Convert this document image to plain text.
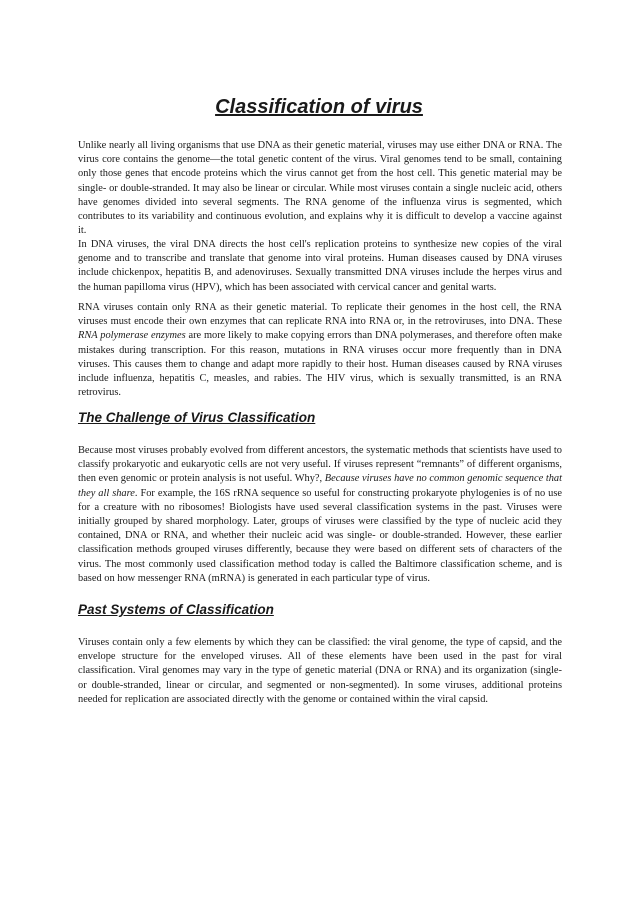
Classification of virus

Unlike nearly all living organisms that use DNA as their genetic material, viruses may use either DNA or RNA. The virus core contains the genome—the total genetic content of the virus. Viral genomes tend to be small, containing only those genes that encode proteins which the virus cannot get from the host cell. This genetic material may be single- or double-stranded. It may also be linear or circular. While most viruses contain a single nucleic acid, others have genomes divided into several segments. The RNA genome of the influenza virus is segmented, which contributes to its variability and continuous evolution, and explains why it is difficult to develop a vaccine against it.

In DNA viruses, the viral DNA directs the host cell's replication proteins to synthesize new copies of the viral genome and to transcribe and translate that genome into viral proteins. Human diseases caused by DNA viruses include chickenpox, hepatitis B, and adenoviruses. Sexually transmitted DNA viruses include the herpes virus and the human papilloma virus (HPV), which has been associated with cervical cancer and genital warts.

RNA viruses contain only RNA as their genetic material. To replicate their genomes in the host cell, the RNA viruses must encode their own enzymes that can replicate RNA into RNA or, in the retroviruses, into DNA. These RNA polymerase enzymes are more likely to make copying errors than DNA polymerases, and therefore often make mistakes during transcription. For this reason, mutations in RNA viruses occur more frequently than in DNA viruses. This causes them to change and adapt more rapidly to their host. Human diseases caused by RNA viruses include influenza, hepatitis C, measles, and rabies. The HIV virus, which is sexually transmitted, is an RNA retrovirus.

The Challenge of Virus Classification

Because most viruses probably evolved from different ancestors, the systematic methods that scientists have used to classify prokaryotic and eukaryotic cells are not very useful. If viruses represent “remnants” of different organisms, then even genomic or protein analysis is not useful. Why?, Because viruses have no common genomic sequence that they all share. For example, the 16S rRNA sequence so useful for constructing prokaryote phylogenies is of no use for a creature with no ribosomes! Biologists have used several classification systems in the past. Viruses were initially grouped by shared morphology. Later, groups of viruses were classified by the type of nucleic acid they contained, DNA or RNA, and whether their nucleic acid was single- or double-stranded. However, these earlier classification methods grouped viruses differently, because they were based on different sets of characters of the virus. The most commonly used classification method today is called the Baltimore classification scheme, and is based on how messenger RNA (mRNA) is generated in each particular type of virus.

Past Systems of Classification

Viruses contain only a few elements by which they can be classified: the viral genome, the type of capsid, and the envelope structure for the enveloped viruses. All of these elements have been used in the past for viral classification. Viral genomes may vary in the type of genetic material (DNA or RNA) and its organization (single- or double-stranded, linear or circular, and segmented or non-segmented). In some viruses, additional proteins needed for replication are associated directly with the genome or contained within the viral capsid.
